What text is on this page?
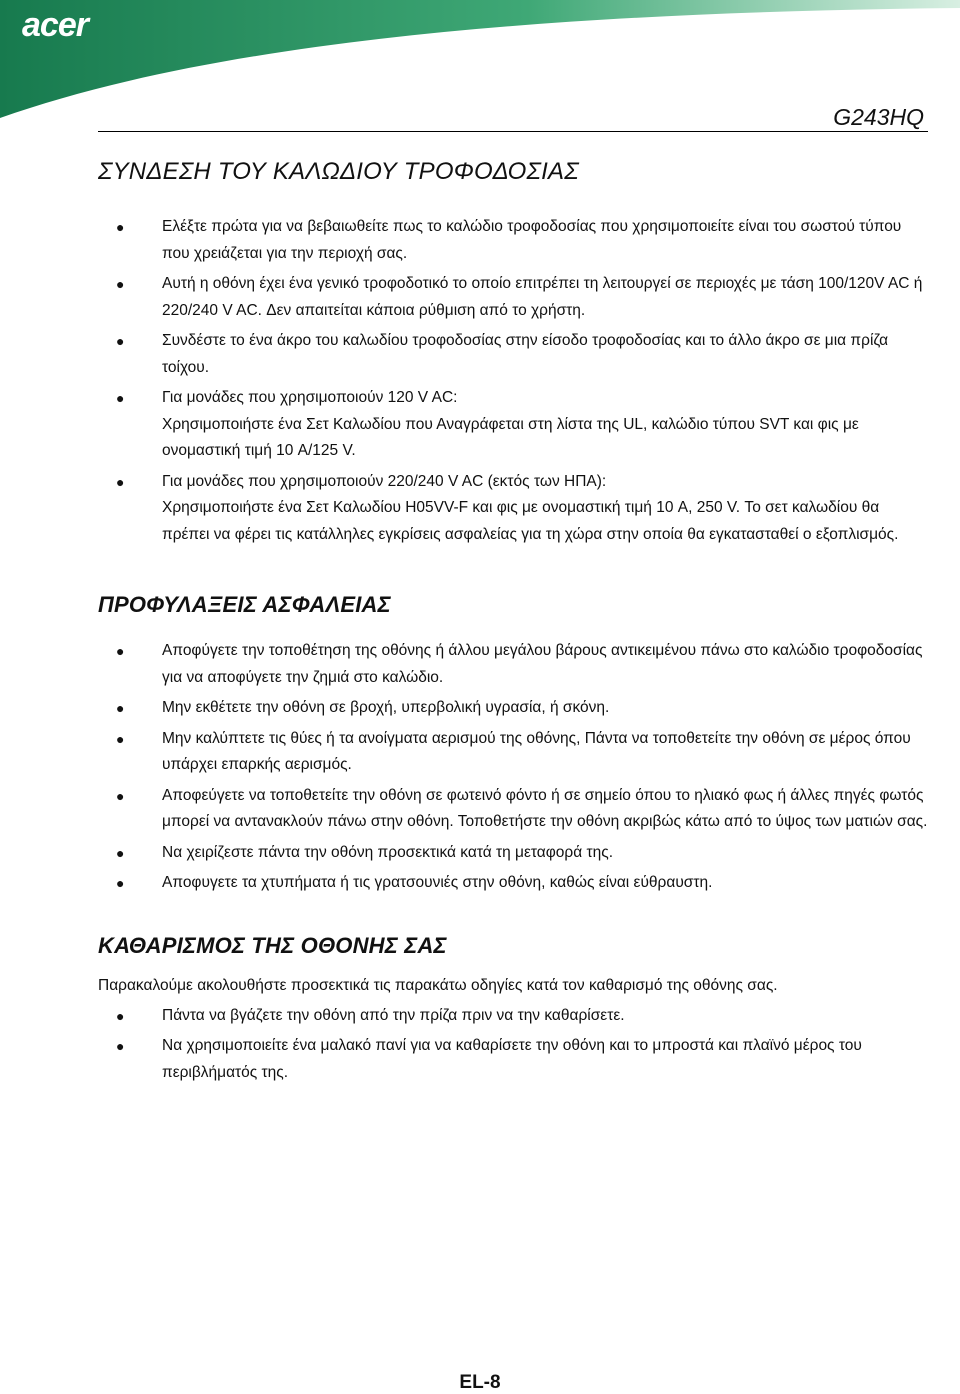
acer
G243HQ
ΣΥΝΔΕΣΗ ΤΟΥ ΚΑΛΩΔΙΟΥ ΤΡΟΦΟΔΟΣΙΑΣ
● Ελέξτε πρώτα για να βεβαιωθείτε πως το καλώδιο τροφοδοσίας που χρησιμοποιείτε είναι του σωστού τύπου που χρειάζεται για την περιοχή σας.
● Αυτή η οθόνη έχει ένα γενικό τροφοδοτικό το οποίο επιτρέπει τη λειτουργεί σε περιοχές με τάση 100/120V AC ή 220/240 V AC. Δεν απαιτείται κάποια ρύθμιση από το χρήστη.
● Συνδέστε το ένα άκρο του καλωδίου τροφοδοσίας στην είσοδο τροφοδοσίας και το άλλο άκρο σε μια πρίζα τοίχου.
● Για μονάδες που χρησιμοποιούν 120 V AC:
Χρησιμοποιήστε ένα Σετ Καλωδίου που Αναγράφεται στη λίστα της UL, καλώδιο τύπου SVT και φις με ονομαστική τιμή 10 A/125 V.
● Για μονάδες που χρησιμοποιούν 220/240 V AC (εκτός των ΗΠΑ):
Χρησιμοποιήστε ένα Σετ Καλωδίου H05VV-F και φις με ονομαστική τιμή 10 A, 250 V. Το σετ καλωδίου θα πρέπει να φέρει τις κατάλληλες εγκρίσεις ασφαλείας για τη χώρα στην οποία θα εγκατασταθεί ο εξοπλισμός.
ΠΡΟΦΥΛΑΞΕΙΣ ΑΣΦΑΛΕΙΑΣ
● Αποφύγετε την τοποθέτηση της οθόνης ή άλλου μεγάλου βάρους αντικειμένου πάνω στο καλώδιο τροφοδοσίας για να αποφύγετε την ζημιά στο καλώδιο.
● Μην εκθέτετε την οθόνη σε βροχή, υπερβολική υγρασία, ή σκόνη.
● Μην καλύπτετε τις θύες ή τα ανοίγματα αερισμού της οθόνης, Πάντα να τοποθετείτε την οθόνη σε μέρος όπου υπάρχει επαρκής αερισμός.
● Αποφεύγετε να τοποθετείτε την οθόνη σε φωτεινό φόντο ή σε σημείο όπου το ηλιακό φως ή άλλες πηγές φωτός μπορεί να αντανακλούν πάνω στην οθόνη. Τοποθετήστε την οθόνη ακριβώς κάτω από το ύψος των ματιών σας.
● Να χειρίζεστε πάντα την οθόνη προσεκτικά κατά τη μεταφορά της.
● Αποφυγετε τα χτυπήματα ή τις γρατσουνιές στην οθόνη, καθώς είναι εύθραυστη.
ΚΑΘΑΡΙΣΜΟΣ ΤΗΣ ΟΘΟΝΗΣ ΣΑΣ

Παρακαλούμε ακολουθήστε προσεκτικά τις παρακάτω οδηγίες κατά τον καθαρισμό της οθόνης σας.

● Πάντα να βγάζετε την οθόνη από την πρίζα πριν να την καθαρίσετε.
● Να χρησιμοποιείτε ένα μαλακό πανί για να καθαρίσετε την οθόνη και το μπροστά και πλαϊνό μέρος του περιβλήματός της.
EL-8
